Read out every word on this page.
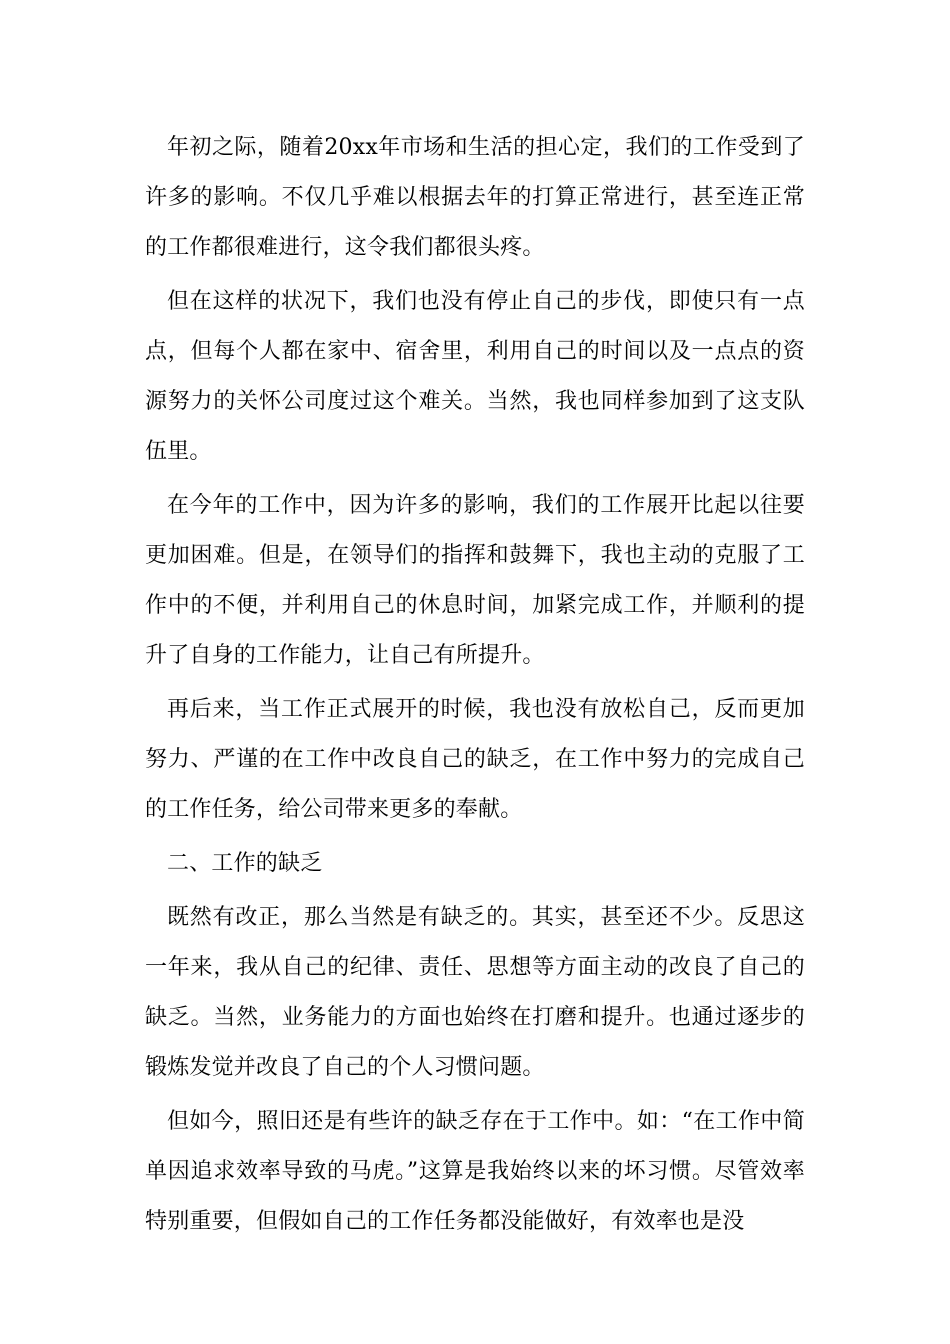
年初之际，随着20xx年市场和生活的担心定，我们的工作受到了许多的影响。不仅几乎难以根据去年的打算正常进行，甚至连正常的工作都很难进行，这令我们都很头疼。

但在这样的状况下，我们也没有停止自己的步伐，即使只有一点点，但每个人都在家中、宿舍里，利用自己的时间以及一点点的资源努力的关怀公司度过这个难关。当然，我也同样参加到了这支队伍里。

在今年的工作中，因为许多的影响，我们的工作展开比起以往要更加困难。但是，在领导们的指挥和鼓舞下，我也主动的克服了工作中的不便，并利用自己的休息时间，加紧完成工作，并顺利的提升了自身的工作能力，让自己有所提升。

再后来，当工作正式展开的时候，我也没有放松自己，反而更加努力、严谨的在工作中改良自己的缺乏，在工作中努力的完成自己的工作任务，给公司带来更多的奉献。

二、工作的缺乏

既然有改正，那么当然是有缺乏的。其实，甚至还不少。反思这一年来，我从自己的纪律、责任、思想等方面主动的改良了自己的缺乏。当然，业务能力的方面也始终在打磨和提升。也通过逐步的锻炼发觉并改良了自己的个人习惯问题。

但如今，照旧还是有些许的缺乏存在于工作中。如：“在工作中简单因追求效率导致的马虎。”这算是我始终以来的坏习惯。尽管效率特别重要，但假如自己的工作任务都没能做好，有效率也是没
